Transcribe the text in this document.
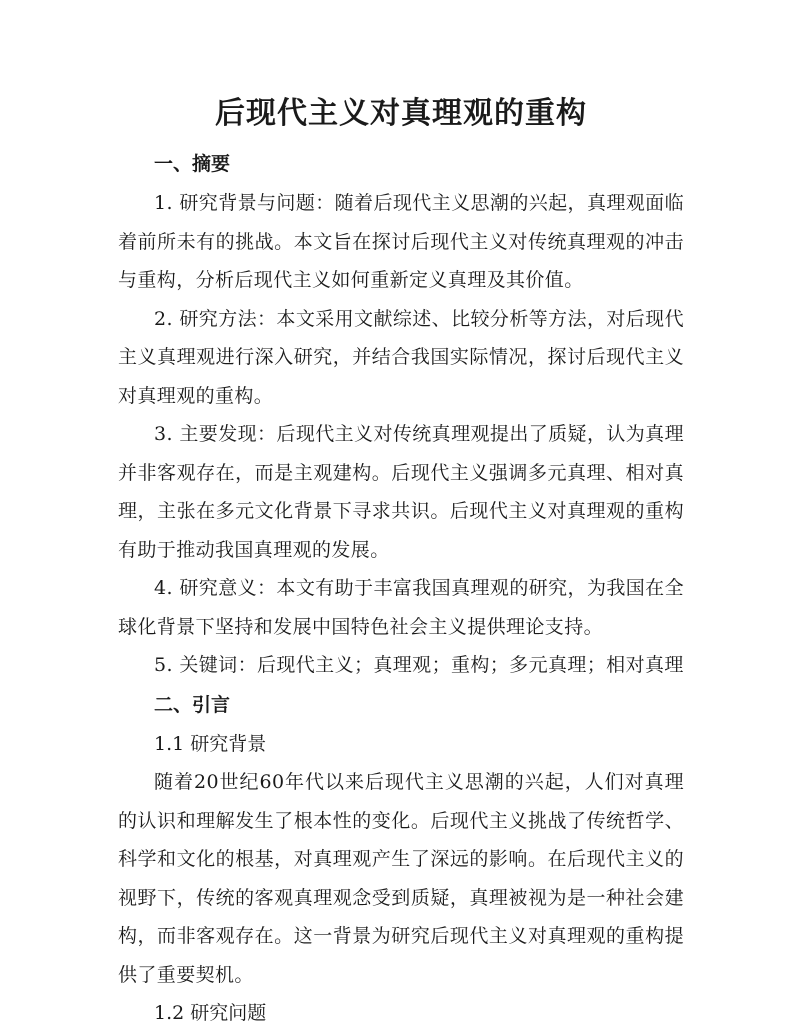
后现代主义对真理观的重构

一、摘要

1. 研究背景与问题：随着后现代主义思潮的兴起，真理观面临着前所未有的挑战。本文旨在探讨后现代主义对传统真理观的冲击与重构，分析后现代主义如何重新定义真理及其价值。

2. 研究方法：本文采用文献综述、比较分析等方法，对后现代主义真理观进行深入研究，并结合我国实际情况，探讨后现代主义对真理观的重构。

3. 主要发现：后现代主义对传统真理观提出了质疑，认为真理并非客观存在，而是主观建构。后现代主义强调多元真理、相对真理，主张在多元文化背景下寻求共识。后现代主义对真理观的重构有助于推动我国真理观的发展。

4. 研究意义：本文有助于丰富我国真理观的研究，为我国在全球化背景下坚持和发展中国特色社会主义提供理论支持。

5. 关键词：后现代主义；真理观；重构；多元真理；相对真理

二、引言

1.1 研究背景

随着20世纪60年代以来后现代主义思潮的兴起，人们对真理的认识和理解发生了根本性的变化。后现代主义挑战了传统哲学、科学和文化的根基，对真理观产生了深远的影响。在后现代主义的视野下，传统的客观真理观念受到质疑，真理被视为是一种社会建构，而非客观存在。这一背景为研究后现代主义对真理观的重构提供了重要契机。

1.2 研究问题
